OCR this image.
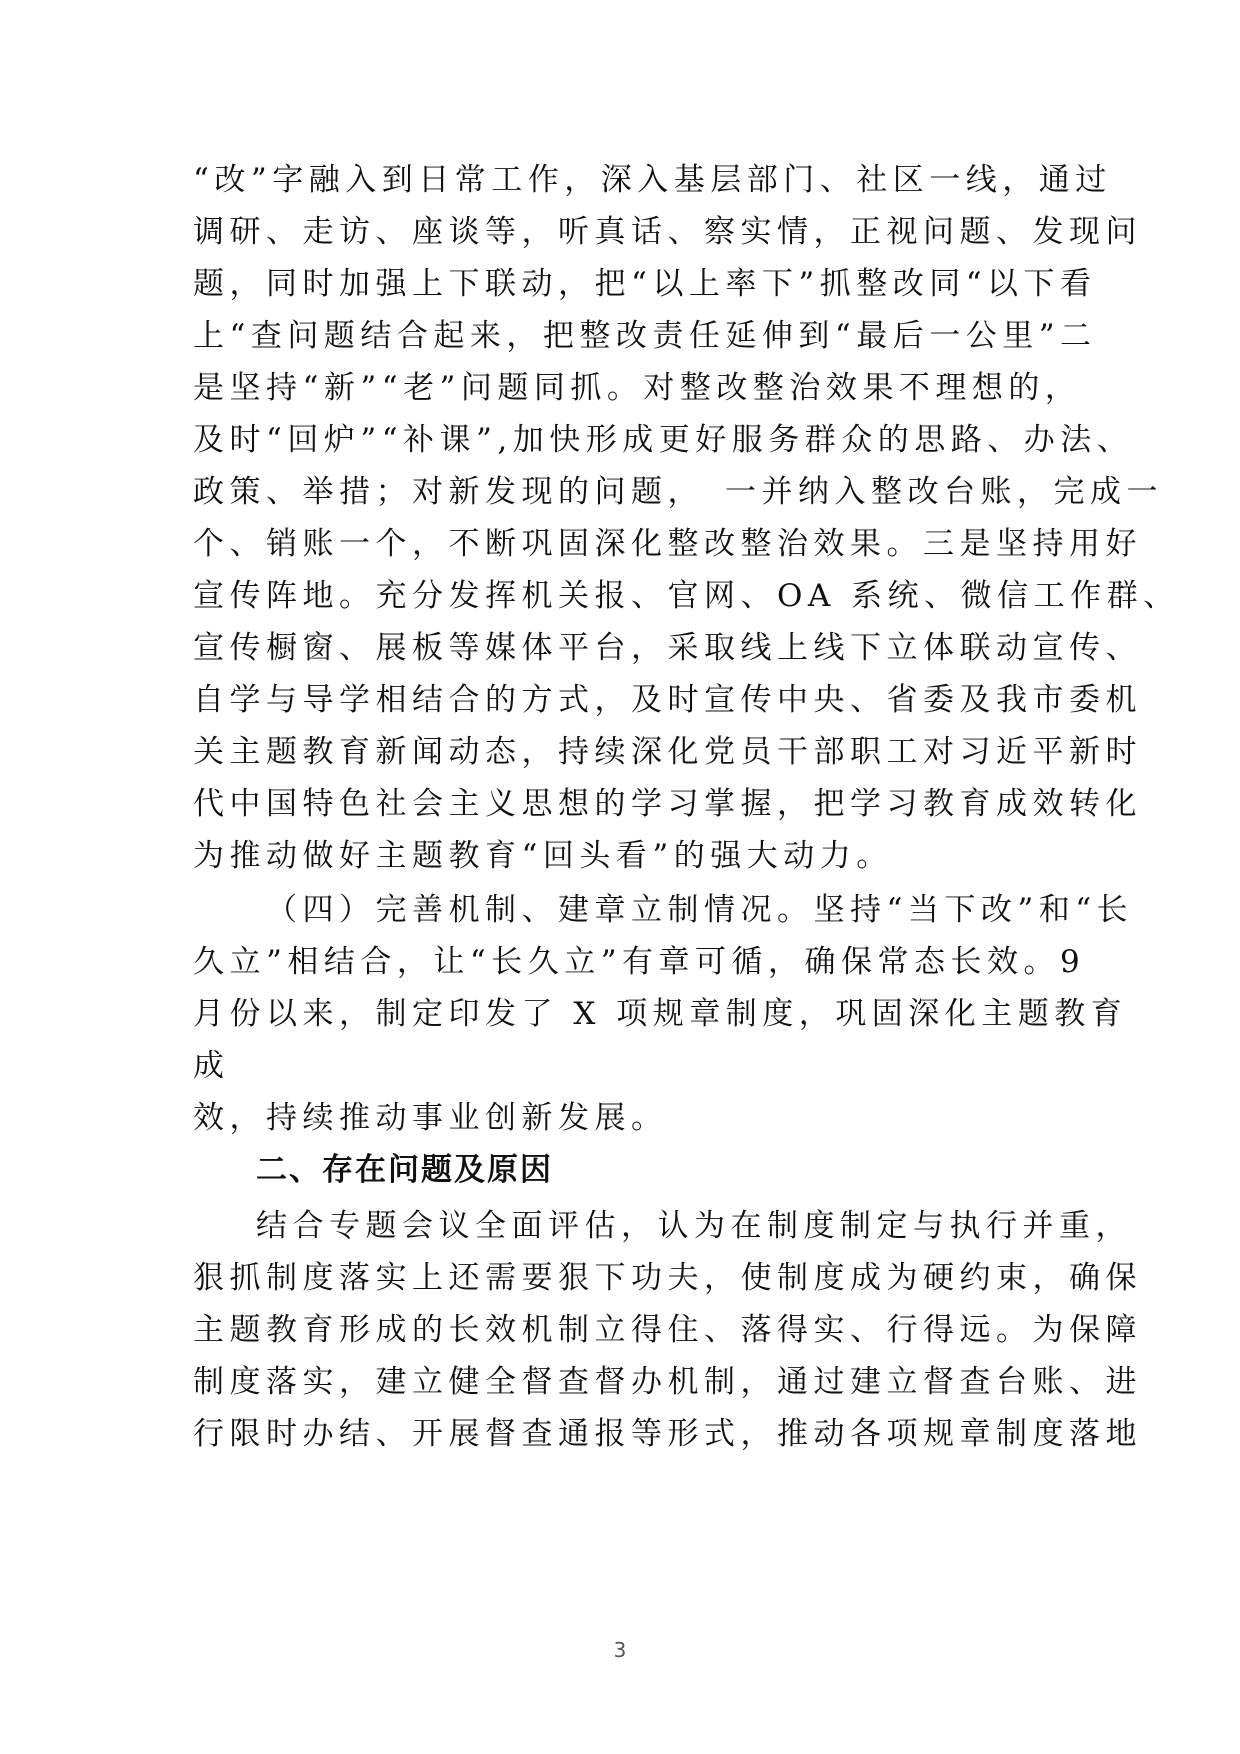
“改”字融入到日常工作，深入基层部门、社区一线，通过
调研、走访、座谈等，听真话、察实情，正视问题、发现问
题，同时加强上下联动，把“以上率下”抓整改同“以下看
上“查问题结合起来，把整改责任延伸到“最后一公里”二
是坚持“新”“老”问题同抓。对整改整治效果不理想的，
及时“回炉”“补课”,加快形成更好服务群众的思路、办法、
政策、举措；对新发现的问题，　一并纳入整改台账，完成一
个、销账一个，不断巩固深化整改整治效果。三是坚持用好
宣传阵地。充分发挥机关报、官网、OA 系统、微信工作群、
宣传橱窗、展板等媒体平台，采取线上线下立体联动宣传、
自学与导学相结合的方式，及时宣传中央、省委及我市委机
关主题教育新闻动态，持续深化党员干部职工对习近平新时
代中国特色社会主义思想的学习掌握，把学习教育成效转化
为推动做好主题教育“回头看”的强大动力。
（四）完善机制、建章立制情况。坚持“当下改”和“长
久立”相结合，让“长久立”有章可循，确保常态长效。9
月份以来，制定印发了 X 项规章制度，巩固深化主题教育
成
效，持续推动事业创新发展。
二、存在问题及原因
结合专题会议全面评估，认为在制度制定与执行并重，
狠抓制度落实上还需要狠下功夫，使制度成为硬约束，确保
主题教育形成的长效机制立得住、落得实、行得远。为保障
制度落实，建立健全督查督办机制，通过建立督查台账、进
行限时办结、开展督查通报等形式，推动各项规章制度落地
3
